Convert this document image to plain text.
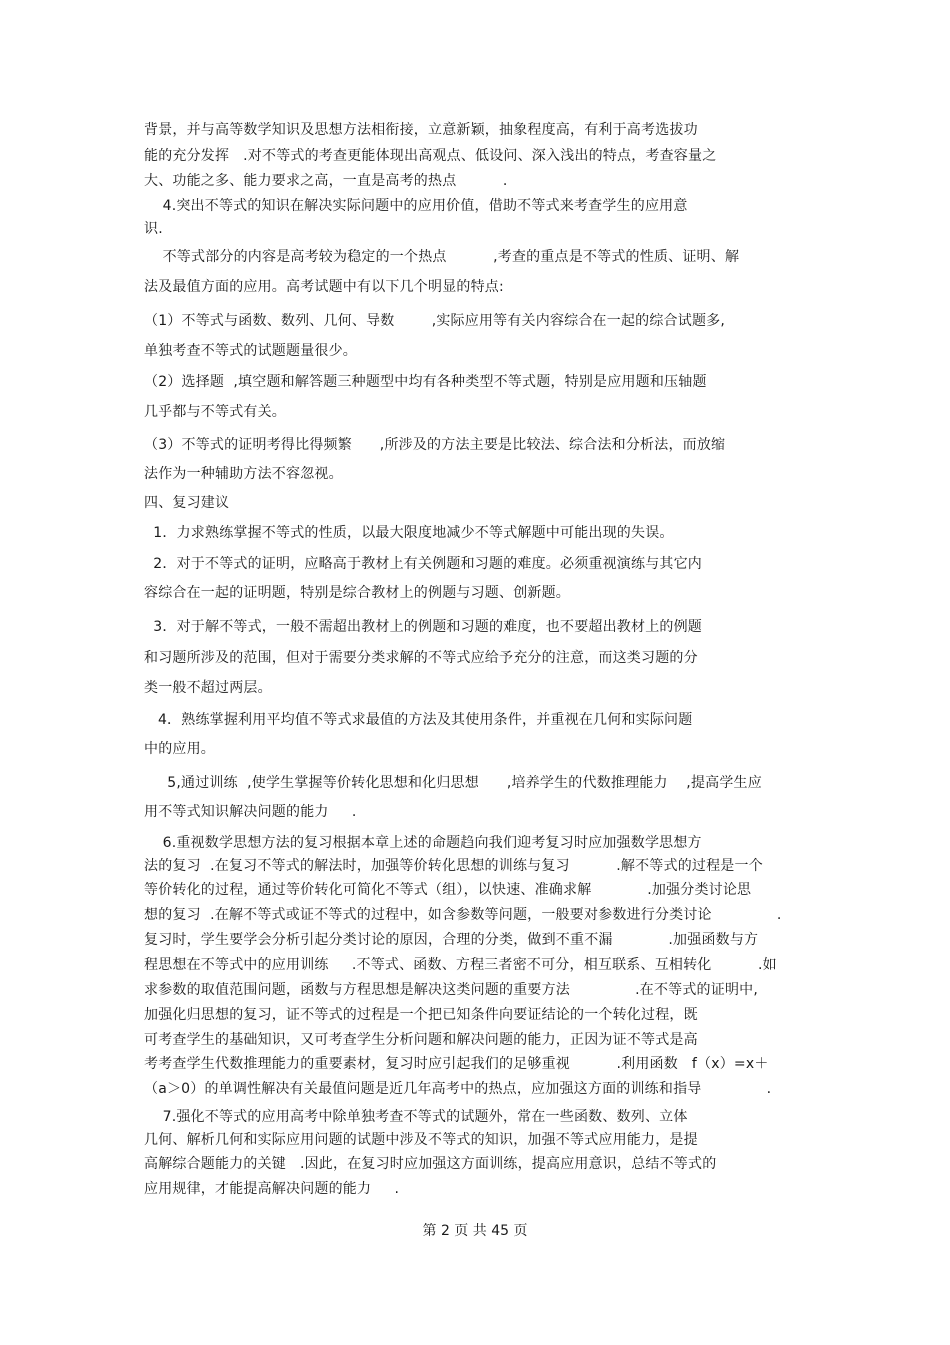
背景，并与高等数学知识及思想方法相衔接，立意新颖，抽象程度高，有利于高考选拔功
能的充分发挥   .对不等式的考查更能体现出高观点、低设问、深入浅出的特点，考查容量之
大、功能之多、能力要求之高，一直是高考的热点          .
4.突出不等式的知识在解决实际问题中的应用价值，借助不等式来考查学生的应用意
识.
不等式部分的内容是高考较为稳定的一个热点          ,考查的重点是不等式的性质、证明、解
法及最值方面的应用。高考试题中有以下几个明显的特点:
（1）不等式与函数、数列、几何、导数        ,实际应用等有关内容综合在一起的综合试题多,
单独考查不等式的试题题量很少。
（2）选择题  ,填空题和解答题三种题型中均有各种类型不等式题，特别是应用题和压轴题
几乎都与不等式有关。
（3）不等式的证明考得比得频繁      ,所涉及的方法主要是比较法、综合法和分析法，而放缩
法作为一种辅助方法不容忽视。
四、复习建议
1．力求熟练掌握不等式的性质，以最大限度地减少不等式解题中可能出现的失误。
2．对于不等式的证明，应略高于教材上有关例题和习题的难度。必须重视演练与其它内
容综合在一起的证明题，特别是综合教材上的例题与习题、创新题。
3．对于解不等式，一般不需超出教材上的例题和习题的难度，也不要超出教材上的例题
和习题所涉及的范围，但对于需要分类求解的不等式应给予充分的注意，而这类习题的分
类一般不超过两层。
4．熟练掌握利用平均值不等式求最值的方法及其使用条件，并重视在几何和实际问题
中的应用。
5,通过训练  ,使学生掌握等价转化思想和化归思想      ,培养学生的代数推理能力    ,提高学生应
用不等式知识解决问题的能力     .
6.重视数学思想方法的复习根据本章上述的命题趋向我们迎考复习时应加强数学思想方
法的复习  .在复习不等式的解法时，加强等价转化思想的训练与复习          .解不等式的过程是一个
等价转化的过程，通过等价转化可简化不等式（组），以快速、准确求解            .加强分类讨论思
想的复习  .在解不等式或证不等式的过程中，如含参数等问题，一般要对参数进行分类讨论              .
复习时，学生要学会分析引起分类讨论的原因，合理的分类，做到不重不漏            .加强函数与方
程思想在不等式中的应用训练     .不等式、函数、方程三者密不可分，相互联系、互相转化          .如
求参数的取值范围问题，函数与方程思想是解决这类问题的重要方法              .在不等式的证明中,
加强化归思想的复习，证不等式的过程是一个把已知条件向要证结论的一个转化过程，既
可考查学生的基础知识，又可考查学生分析问题和解决问题的能力，正因为证不等式是高
考考查学生代数推理能力的重要素材，复习时应引起我们的足够重视          .利用函数   f（x）=x＋
（a＞0）的单调性解决有关最值问题是近几年高考中的热点，应加强这方面的训练和指导              .
7.强化不等式的应用高考中除单独考查不等式的试题外，常在一些函数、数列、立体
几何、解析几何和实际应用问题的试题中涉及不等式的知识，加强不等式应用能力，是提
高解综合题能力的关键   .因此，在复习时应加强这方面训练，提高应用意识，总结不等式的
应用规律，才能提高解决问题的能力     .
第 2 页 共 45 页
